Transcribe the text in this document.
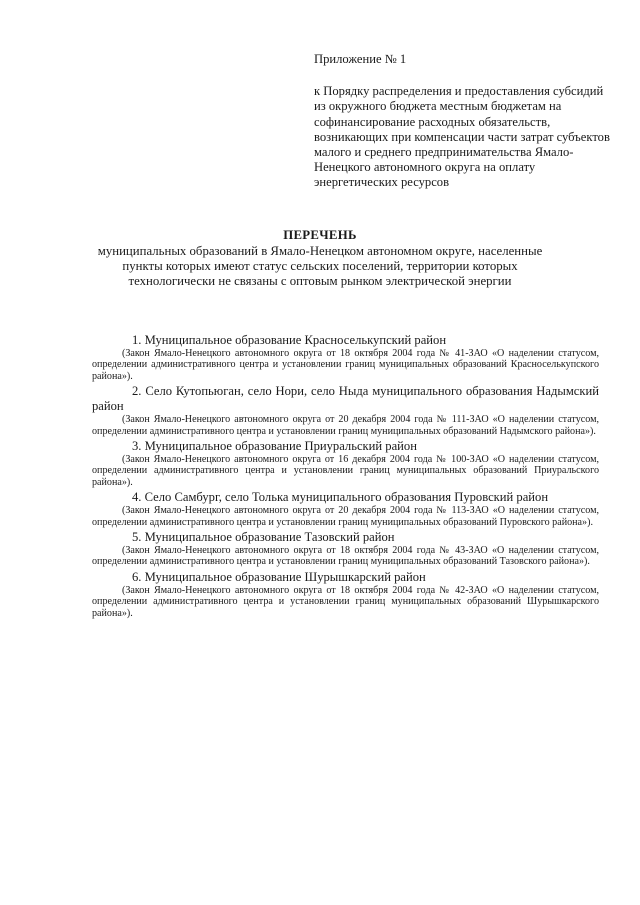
Приложение № 1
к Порядку распределения и предоставления субсидий из окружного бюджета местным бюджетам на софинансирование расходных обязательств, возникающих при компенсации части затрат субъектов малого и среднего предпринимательства Ямало-Ненецкого автономного округа на оплату энергетических ресурсов
ПЕРЕЧЕНЬ
муниципальных образований в Ямало-Ненецком автономном округе, населенные пункты которых имеют статус сельских поселений, территории которых технологически не связаны с оптовым рынком электрической энергии
1. Муниципальное образование Красноселькупский район
(Закон Ямало-Ненецкого автономного округа от 18 октября 2004 года № 41-ЗАО «О наделении статусом, определении административного центра и установлении границ муниципальных образований Красноселькупского района»).
2. Село Кутопьюган, село Нори, село Ныда муниципального образования Надымский район
(Закон Ямало-Ненецкого автономного округа от 20 декабря 2004 года № 111-ЗАО «О наделении статусом, определении административного центра и установлении границ муниципальных образований Надымского района»).
3. Муниципальное образование Приуральский район
(Закон Ямало-Ненецкого автономного округа от 16 декабря 2004 года № 100-ЗАО «О наделении статусом, определении административного центра и установлении границ муниципальных образований Приуральского района»).
4. Село Самбург, село Толька муниципального образования Пуровский район
(Закон Ямало-Ненецкого автономного округа от 20 декабря 2004 года № 113-ЗАО «О наделении статусом, определении административного центра и установлении границ муниципальных образований Пуровского района»).
5. Муниципальное образование Тазовский район
(Закон Ямало-Ненецкого автономного округа от 18 октября 2004 года № 43-ЗАО «О наделении статусом, определении административного центра и установлении границ муниципальных образований Тазовского района»).
6. Муниципальное образование Шурышкарский район
(Закон Ямало-Ненецкого автономного округа от 18 октября 2004 года № 42-ЗАО «О наделении статусом, определении административного центра и установлении границ муниципальных образований Шурышкарского района»).
